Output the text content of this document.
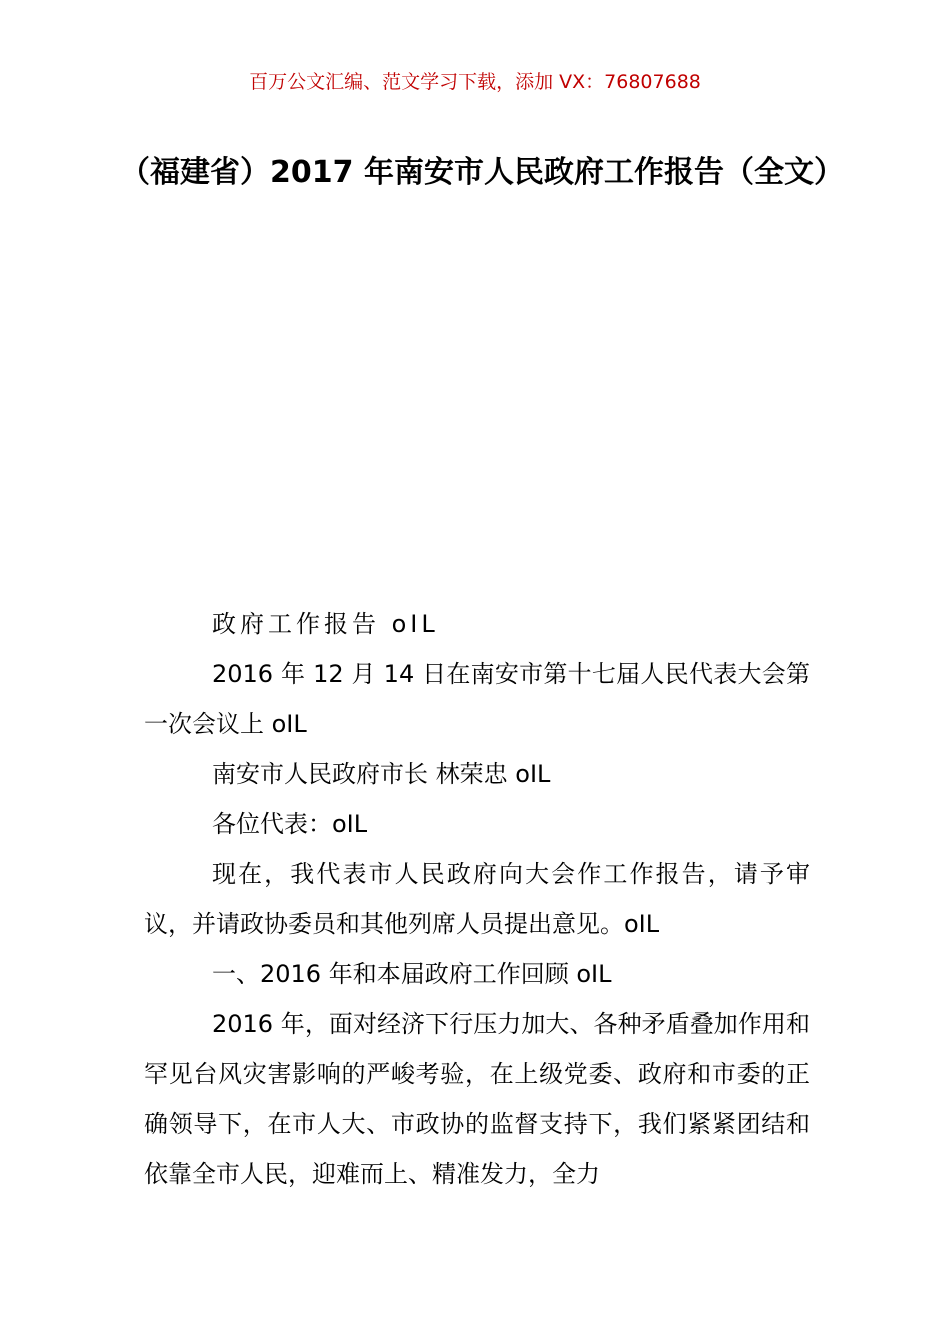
百万公文汇编、范文学习下载，添加 VX：76807688
（福建省）2017 年南安市人民政府工作报告（全文）

政府工作报告 oIL

2016 年 12 月 14 日在南安市第十七届人民代表大会第一次会议上 oIL

南安市人民政府市长 林荣忠 oIL

各位代表：oIL

现在，我代表市人民政府向大会作工作报告，请予审议，并请政协委员和其他列席人员提出意见。oIL

一、2016 年和本届政府工作回顾 oIL

2016 年，面对经济下行压力加大、各种矛盾叠加作用和罕见台风灾害影响的严峻考验，在上级党委、政府和市委的正确领导下，在市人大、市政协的监督支持下，我们紧紧团结和依靠全市人民，迎难而上、精准发力，全力
